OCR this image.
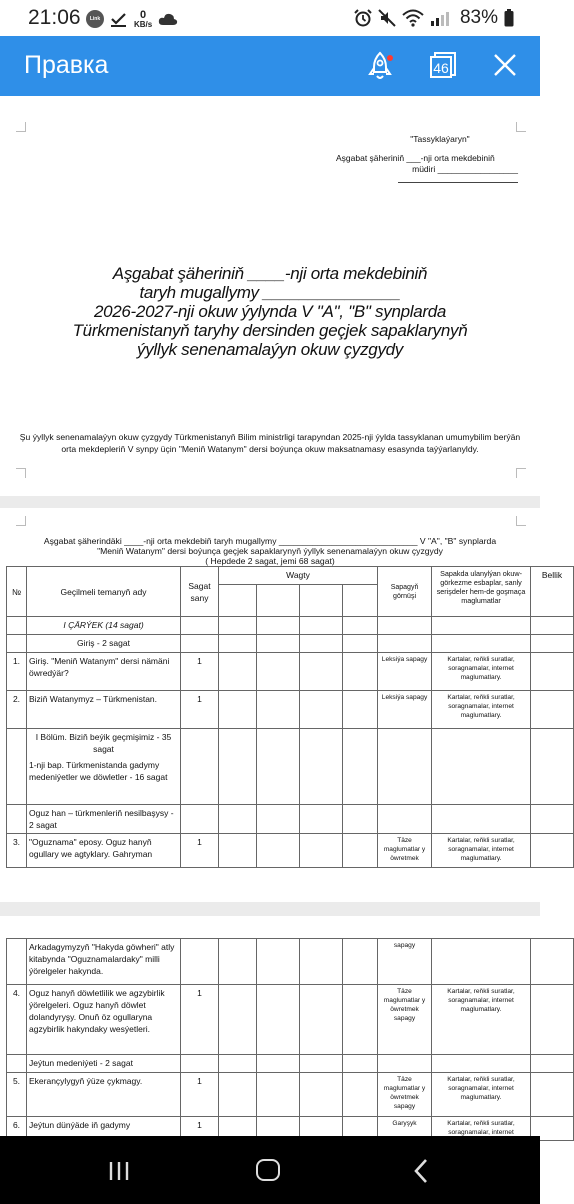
21:06	Link	0
KB/s	83%
Правка	46
"Tassyklaýaryn"
Aşgabat şäheriniň ___-nji orta mekdebiniň
müdiri _________________
Aşgabat şäheriniň ____-nji orta mekdebiniň
taryh mugallymy _______________
2026-2027-nji okuw ýylynda V "A", "B" synplarda
Türkmenistanyň taryhy dersinden geçjek sapaklarynyň
ýyllyk senenamalaýyn okuw çyzgydy
Şu ýyllyk senenamalaýyn okuw çyzgydy Türkmenistanyň Bilim ministrligi tarapyndan 2025-nji ýylda tassyklanan umumybilim berýän orta mekdepleriň V synpy üçin "Meniň Watanym" dersi boýunça okuw maksatnamasy esasynda taýýarlanyldy.
Aşgabat şäherindäki ____-nji orta mekdebiň taryh mugallymy _____________________________ V "A", "B" synplarda
"Meniň Watanym" dersi boýunça geçjek sapaklarynyň ýyllyk senenamalaýyn okuw çyzgydy
( Hepdede 2 sagat, jemi 68 sagat)
№	Geçilmeli temanyň ady	Sagat sany	Wagty				Sapagyň görnüşi	Sapakda ulanylýan okuw-görkezme esbaplar, sanly serişdeler hem-de goşmaça maglumatlar	Bellik

	I ÇÄRÝEK (14 sagat)								
	Giriş - 2 sagat								
1.	Giriş. "Meniň Watanym" dersi nämäni öwredýär?	1					Leksiýa sapagy	Kartalar, reňkli suratlar, soragnamalar, internet maglumatlary.	
2.	Biziň Watanymyz – Türkmenistan.	1					Leksiýa sapagy	Kartalar, reňkli suratlar, soragnamalar, internet maglumatlary.	

	I Bölüm. Biziň beýik geçmişimiz - 35 sagat
1-nji bap. Türkmenistanda gadymy medeniýetler we döwletler - 16 sagat								

	Oguz han – türkmenleriň nesilbaşysy - 2 sagat								
3.	"Oguznama" eposy. Oguz hanyň ogullary we agtyklary. Gahryman	1					Täze maglumatlar y öwretmek	Kartalar, reňkli suratlar, soragnamalar, internet maglumatlary.	
	Arkadagymyzyň "Hakyda göwheri" atly kitabynda "Oguznamalardaky" milli ýörelgeler hakynda.						sapagy		
4.	Oguz hanyň döwletlilik we agzybirlik ýörelgeleri. Oguz hanyň döwlet dolandyryşy. Onuň öz ogullaryna agzybirlik hakyndaky wesýetleri.	1					Täze maglumatlar y öwretmek sapagy	Kartalar, reňkli suratlar, soragnamalar, internet maglumatlary.	
	Jeýtun medeniýeti - 2 sagat								
5.	Ekerançylygyň ýüze çykmagy.	1					Täze maglumatlar y öwretmek sapagy	Kartalar, reňkli suratlar, soragnamalar, internet maglumatlary.	
6.	Jeýtun dünýäde iň gadymy	1					Garyşyk	Kartalar, reňkli suratlar, soragnamalar, internet	
